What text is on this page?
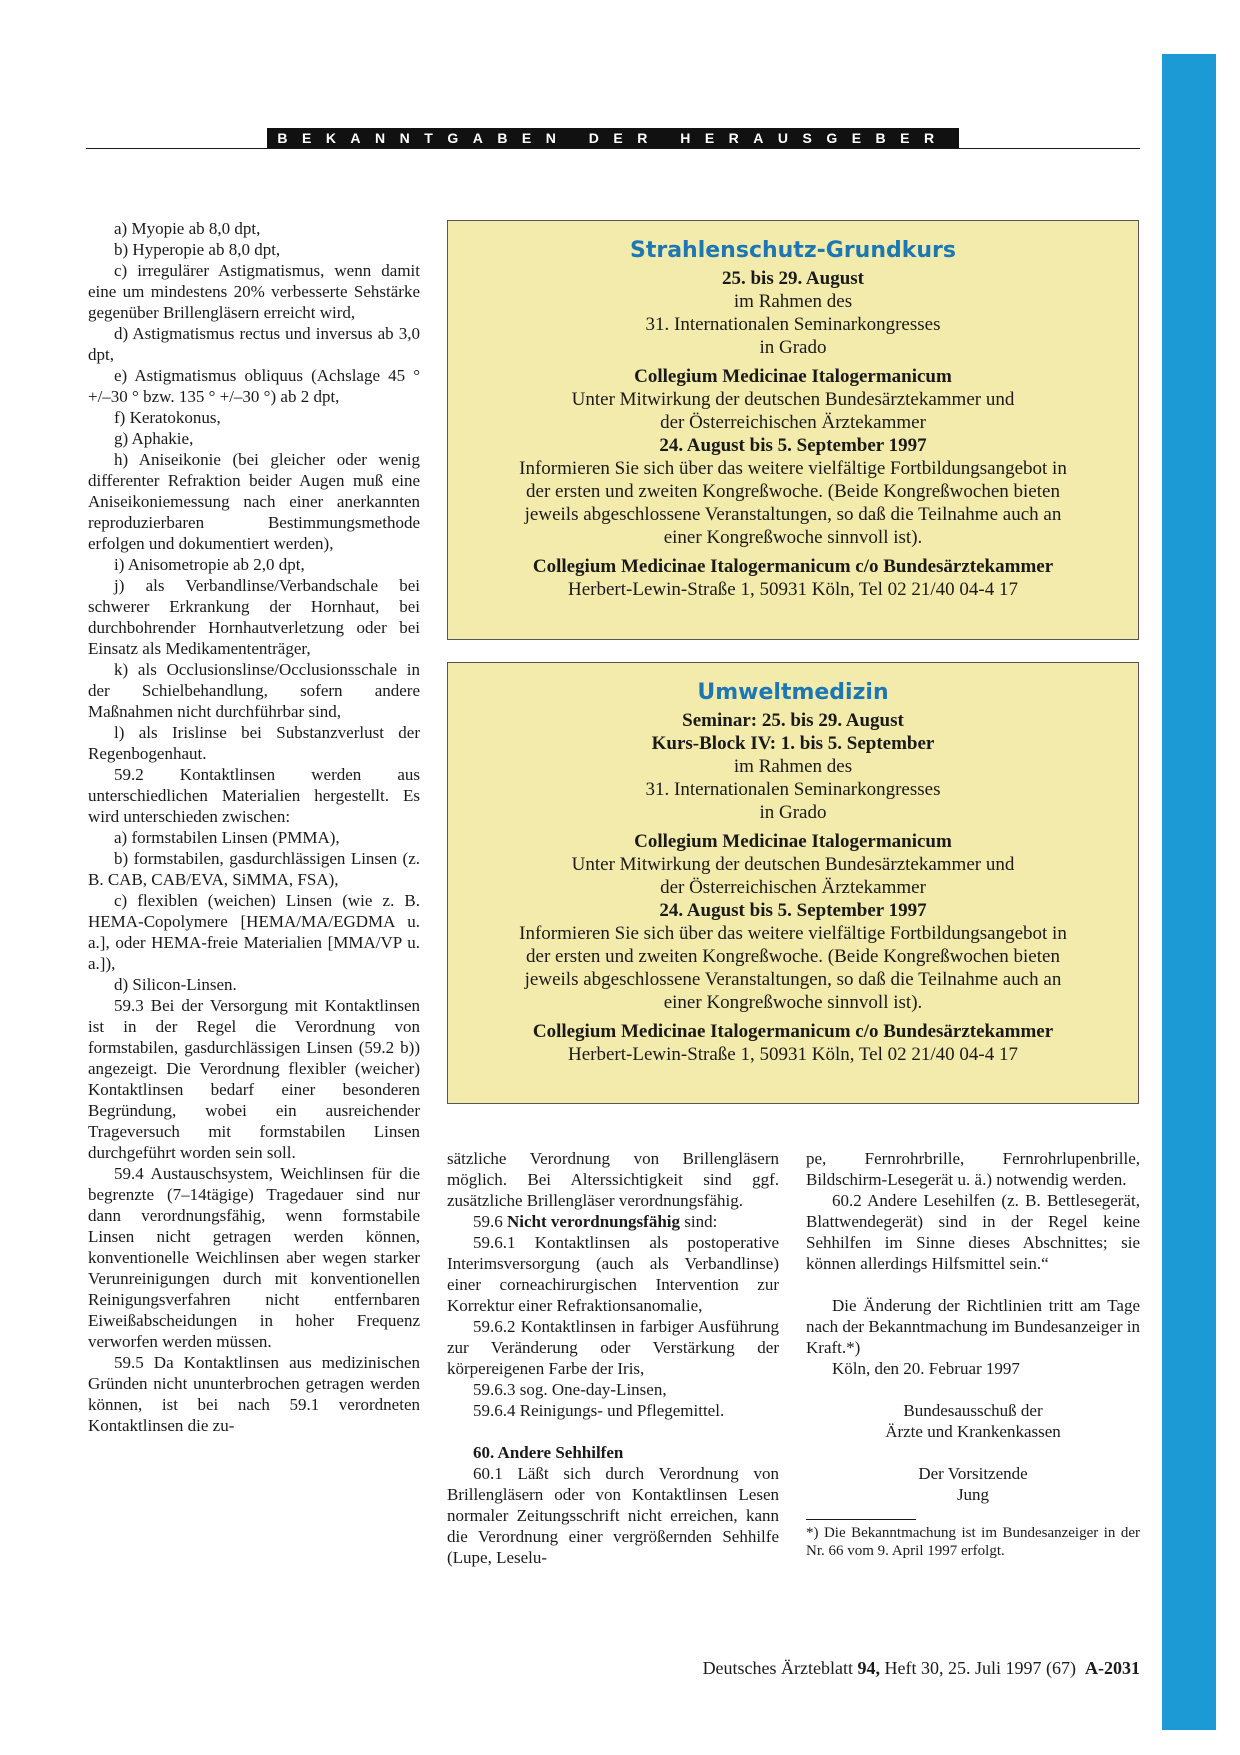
BEKANNTGABEN DER HERAUSGEBER

a) Myopie ab 8,0 dpt,

b) Hyperopie ab 8,0 dpt,

c) irregulärer Astigmatismus, wenn damit eine um mindestens 20% verbesserte Sehstärke gegenüber Brillengläsern erreicht wird,

d) Astigmatismus rectus und inversus ab 3,0 dpt,

e) Astigmatismus obliquus (Achslage 45 ° +/–30 ° bzw. 135 ° +/–30 °) ab 2 dpt,

f) Keratokonus,

g) Aphakie,

h) Aniseikonie (bei gleicher oder wenig differenter Refraktion beider Augen muß eine Aniseikoniemessung nach einer anerkannten reproduzierbaren Bestimmungsmethode erfolgen und dokumentiert werden),

i) Anisometropie ab 2,0 dpt,

j) als Verbandlinse/Verbandschale bei schwerer Erkrankung der Hornhaut, bei durchbohrender Hornhautverletzung oder bei Einsatz als Medikamententräger,

k) als Occlusionslinse/Occlusionsschale in der Schielbehandlung, sofern andere Maßnahmen nicht durchführbar sind,

l) als Irislinse bei Substanzverlust der Regenbogenhaut.

59.2 Kontaktlinsen werden aus unterschiedlichen Materialien hergestellt. Es wird unterschieden zwischen:

a) formstabilen Linsen (PMMA),

b) formstabilen, gasdurchlässigen Linsen (z. B. CAB, CAB/EVA, SiMMA, FSA),

c) flexiblen (weichen) Linsen (wie z. B. HEMA-Copolymere [HEMA/MA/EGDMA u. a.], oder HEMA-freie Materialien [MMA/VP u. a.]),

d) Silicon-Linsen.

59.3 Bei der Versorgung mit Kontaktlinsen ist in der Regel die Verordnung von formstabilen, gasdurchlässigen Linsen (59.2 b)) angezeigt. Die Verordnung flexibler (weicher) Kontaktlinsen bedarf einer besonderen Begründung, wobei ein ausreichender Trageversuch mit formstabilen Linsen durchgeführt worden sein soll.

59.4 Austauschsystem, Weichlinsen für die begrenzte (7–14tägige) Tragedauer sind nur dann verordnungsfähig, wenn formstabile Linsen nicht getragen werden können, konventionelle Weichlinsen aber wegen starker Verunreinigungen durch mit konventionellen Reinigungsverfahren nicht entfernbaren Eiweißabscheidungen in hoher Frequenz verworfen werden müssen.

59.5 Da Kontaktlinsen aus medizinischen Gründen nicht ununterbrochen getragen werden können, ist bei nach 59.1 verordneten Kontaktlinsen die zu-

Strahlenschutz-Grundkurs

25. bis 29. August

im Rahmen des

31. Internationalen Seminarkongresses

in Grado

Collegium Medicinae Italogermanicum

Unter Mitwirkung der deutschen Bundesärztekammer und

der Österreichischen Ärztekammer

24. August bis 5. September 1997

Informieren Sie sich über das weitere vielfältige Fortbildungsangebot in

der ersten und zweiten Kongreßwoche. (Beide Kongreßwochen bieten

jeweils abgeschlossene Veranstaltungen, so daß die Teilnahme auch an

einer Kongreßwoche sinnvoll ist).

Collegium Medicinae Italogermanicum c/o Bundesärztekammer

Herbert-Lewin-Straße 1, 50931 Köln, Tel 02 21/40 04-4 17

Umweltmedizin

Seminar: 25. bis 29. August

Kurs-Block IV: 1. bis 5. September

im Rahmen des

31. Internationalen Seminarkongresses

in Grado

Collegium Medicinae Italogermanicum

Unter Mitwirkung der deutschen Bundesärztekammer und

der Österreichischen Ärztekammer

24. August bis 5. September 1997

Informieren Sie sich über das weitere vielfältige Fortbildungsangebot in

der ersten und zweiten Kongreßwoche. (Beide Kongreßwochen bieten

jeweils abgeschlossene Veranstaltungen, so daß die Teilnahme auch an

einer Kongreßwoche sinnvoll ist).

Collegium Medicinae Italogermanicum c/o Bundesärztekammer

Herbert-Lewin-Straße 1, 50931 Köln, Tel 02 21/40 04-4 17

sätzliche Verordnung von Brillengläsern möglich. Bei Alterssichtigkeit sind ggf. zusätzliche Brillengläser verordnungsfähig.

59.6 Nicht verordnungsfähig sind:

59.6.1 Kontaktlinsen als postoperative Interimsversorgung (auch als Verbandlinse) einer corneachirurgischen Intervention zur Korrektur einer Refraktionsanomalie,

59.6.2 Kontaktlinsen in farbiger Ausführung zur Veränderung oder Verstärkung der körpereigenen Farbe der Iris,

59.6.3 sog. One-day-Linsen,

59.6.4 Reinigungs- und Pflegemittel.

60. Andere Sehhilfen

60.1 Läßt sich durch Verordnung von Brillengläsern oder von Kontaktlinsen Lesen normaler Zeitungsschrift nicht erreichen, kann die Verordnung einer vergrößernden Sehhilfe (Lupe, Leselu-

pe, Fernrohrbrille, Fernrohrlupenbrille, Bildschirm-Lesegerät u. ä.) notwendig werden.

60.2 Andere Lesehilfen (z. B. Bettlesegerät, Blattwendegerät) sind in der Regel keine Sehhilfen im Sinne dieses Abschnittes; sie können allerdings Hilfsmittel sein.“

Die Änderung der Richtlinien tritt am Tage nach der Bekanntmachung im Bundesanzeiger in Kraft.*)

Köln, den 20. Februar 1997

Bundesausschuß der

Ärzte und Krankenkassen

Der Vorsitzende

Jung

*) Die Bekanntmachung ist im Bundesanzeiger in der Nr. 66 vom 9. April 1997 erfolgt.

Deutsches Ärzteblatt 94, Heft 30, 25. Juli 1997 (67) A-2031
